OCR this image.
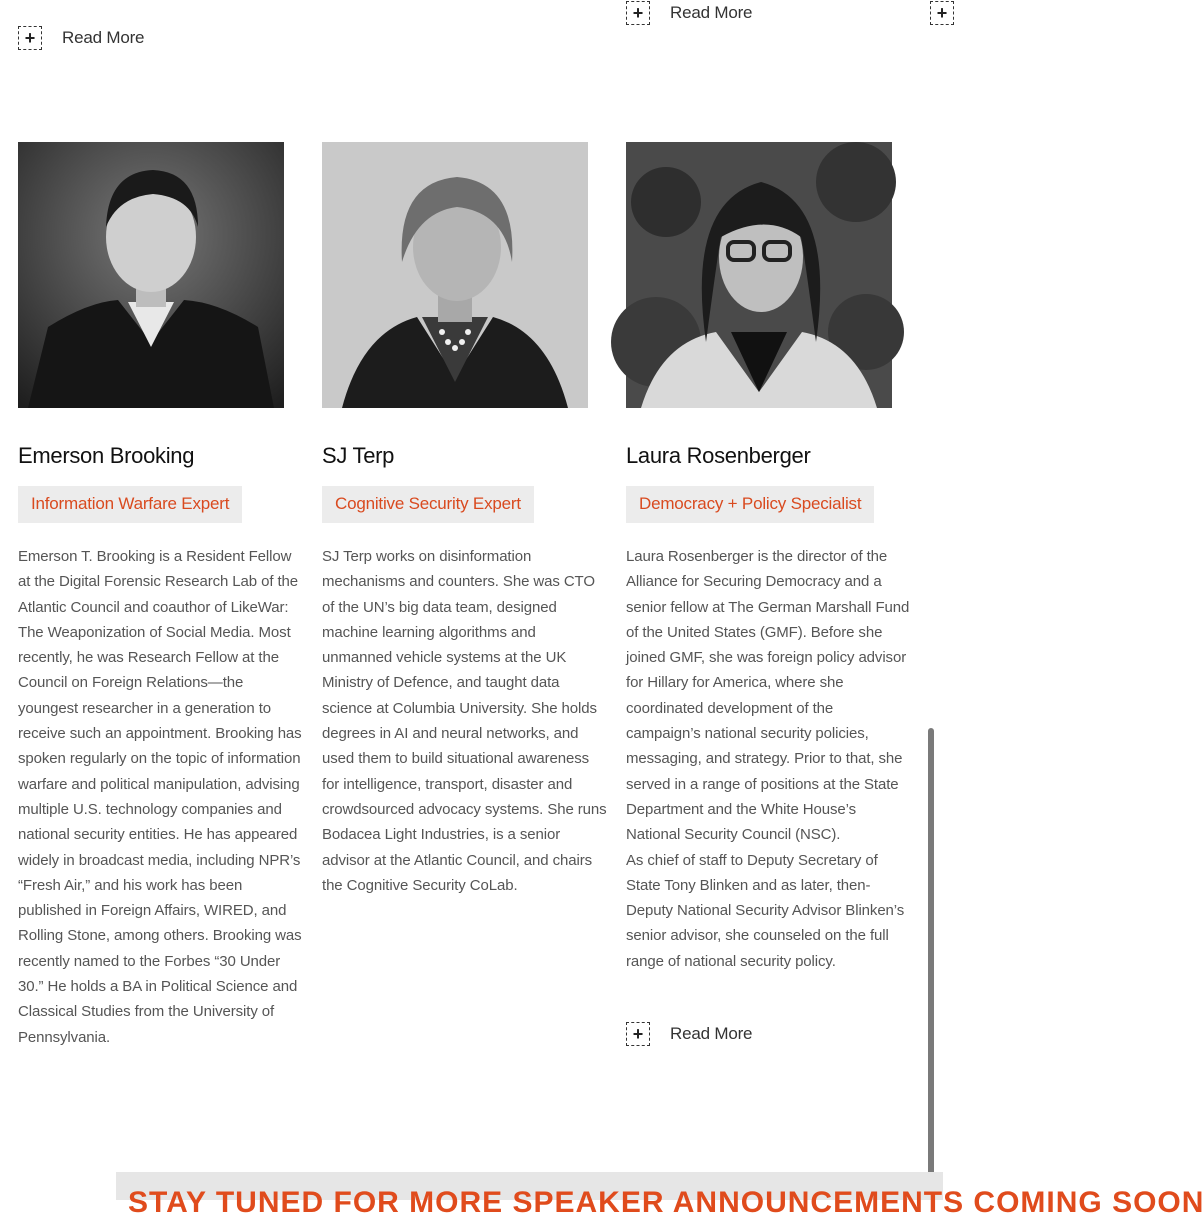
+	Read More
+	Read More	+
Emerson Brooking
Information Warfare Expert
Emerson T. Brooking is a Resident Fellow at the Digital Forensic Research Lab of the Atlantic Council and coauthor of LikeWar: The Weaponization of Social Media. Most recently, he was Research Fellow at the Council on Foreign Relations—the youngest researcher in a generation to receive such an appointment. Brooking has spoken regularly on the topic of information warfare and political manipulation, advising multiple U.S. technology companies and national security entities. He has appeared widely in broadcast media, including NPR’s “Fresh Air,” and his work has been published in Foreign Affairs, WIRED, and Rolling Stone, among others. Brooking was recently named to the Forbes “30 Under 30.” He holds a BA in Political Science and Classical Studies from the University of Pennsylvania.
SJ Terp
Cognitive Security Expert
SJ Terp works on disinformation mechanisms and counters. She was CTO of the UN’s big data team, designed machine learning algorithms and unmanned vehicle systems at the UK Ministry of Defence, and taught data science at Columbia University. She holds degrees in AI and neural networks, and used them to build situational awareness for intelligence, transport, disaster and crowdsourced advocacy systems. She runs Bodacea Light Industries, is a senior advisor at the Atlantic Council, and chairs the Cognitive Security CoLab.
Laura Rosenberger
Democracy + Policy Specialist
Laura Rosenberger is the director of the Alliance for Securing Democracy and a senior fellow at The German Marshall Fund of the United States (GMF). Before she joined GMF, she was foreign policy advisor for Hillary for America, where she coordinated development of the campaign’s national security policies, messaging, and strategy. Prior to that, she served in a range of positions at the State Department and the White House’s National Security Council (NSC).
As chief of staff to Deputy Secretary of State Tony Blinken and as later, then-Deputy National Security Advisor Blinken’s senior advisor, she counseled on the full range of national security policy.
+	Read More
STAY TUNED FOR MORE SPEAKER ANNOUNCEMENTS COMING SOON
